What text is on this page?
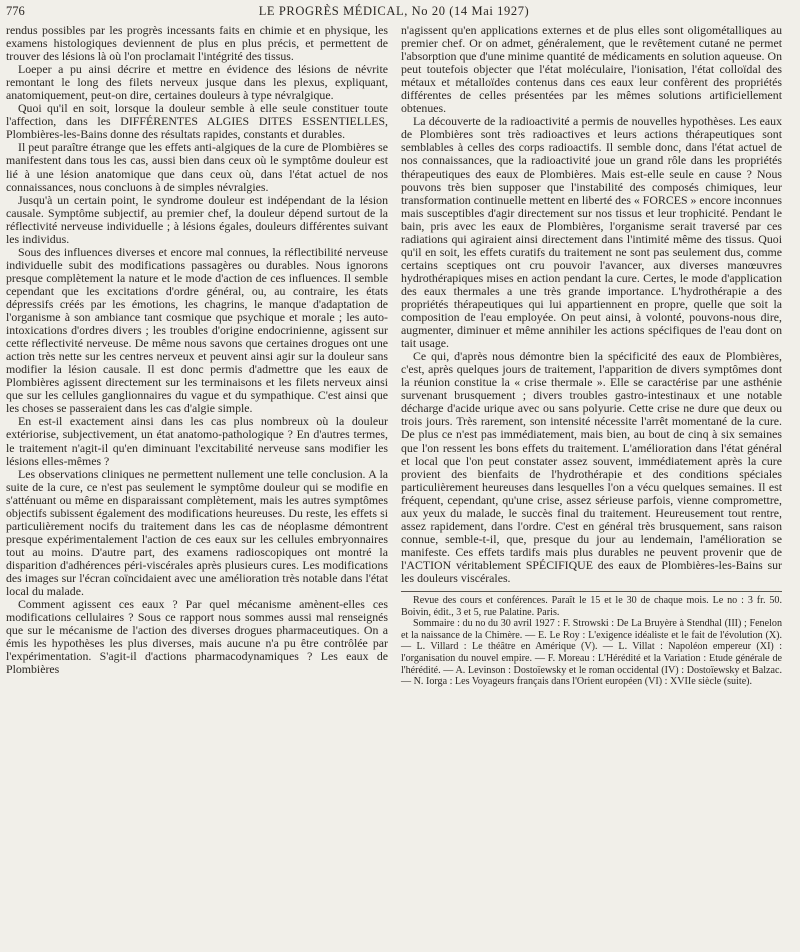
776	LE PROGRÈS MÉDICAL, No 20 (14 Mai 1927)

rendus possibles par les progrès incessants faits en chimie et en physique, les examens histologiques deviennent de plus en plus précis, et permettent de trouver des lésions là où l'on proclamait l'intégrité des tissus.

Loeper a pu ainsi décrire et mettre en évidence des lésions de névrite remontant le long des filets nerveux jusque dans les plexus, expliquant, anatomiquement, peut-on dire, certaines douleurs à type névralgique.

Quoi qu'il en soit, lorsque la douleur semble à elle seule constituer toute l'affection, dans les DIFFÉRENTES ALGIES DITES ESSENTIELLES, Plombières-les-Bains donne des résultats rapides, constants et durables.

Il peut paraître étrange que les effets anti-algiques de la cure de Plombières se manifestent dans tous les cas, aussi bien dans ceux où le symptôme douleur est lié à une lésion anatomique que dans ceux où, dans l'état actuel de nos connaissances, nous concluons à de simples névralgies.

Jusqu'à un certain point, le syndrome douleur est indépendant de la lésion causale. Symptôme subjectif, au premier chef, la douleur dépend surtout de la réflectivité nerveuse individuelle ; à lésions égales, douleurs différentes suivant les individus.

Sous des influences diverses et encore mal connues, la réflectibilité nerveuse individuelle subit des modifications passagères ou durables. Nous ignorons presque complètement la nature et le mode d'action de ces influences. Il semble cependant que les excitations d'ordre général, ou, au contraire, les états dépressifs créés par les émotions, les chagrins, le manque d'adaptation de l'organisme à son ambiance tant cosmique que psychique et morale ; les auto-intoxications d'ordres divers ; les troubles d'origine endocrinienne, agissent sur cette réflectivité nerveuse. De même nous savons que certaines drogues ont une action très nette sur les centres nerveux et peuvent ainsi agir sur la douleur sans modifier la lésion causale. Il est donc permis d'admettre que les eaux de Plombières agissent directement sur les terminaisons et les filets nerveux ainsi que sur les cellules ganglionnaires du vague et du sympathique. C'est ainsi que les choses se passeraient dans les cas d'algie simple.

En est-il exactement ainsi dans les cas plus nombreux où la douleur extériorise, subjectivement, un état anatomo-pathologique ? En d'autres termes, le traitement n'agit-il qu'en diminuant l'excitabilité nerveuse sans modifier les lésions elles-mêmes ?

Les observations cliniques ne permettent nullement une telle conclusion. A la suite de la cure, ce n'est pas seulement le symptôme douleur qui se modifie en s'atténuant ou même en disparaissant complètement, mais les autres symptômes objectifs subissent également des modifications heureuses. Du reste, les effets si particulièrement nocifs du traitement dans les cas de néoplasme démontrent presque expérimentalement l'action de ces eaux sur les cellules embryonnaires tout au moins. D'autre part, des examens radioscopiques ont montré la disparition d'adhérences péri-viscérales après plusieurs cures. Les modifications des images sur l'écran coïncidaient avec une amélioration très notable dans l'état local du malade.

Comment agissent ces eaux ? Par quel mécanisme amènent-elles ces modifications cellulaires ? Sous ce rapport nous sommes aussi mal renseignés que sur le mécanisme de l'action des diverses drogues pharmaceutiques. On a émis les hypothèses les plus diverses, mais aucune n'a pu être contrôlée par l'expérimentation. S'agit-il d'actions pharmacodynamiques ? Les eaux de Plombières

n'agissent qu'en applications externes et de plus elles sont oligométalliques au premier chef. Or on admet, généralement, que le revêtement cutané ne permet l'absorption que d'une minime quantité de médicaments en solution aqueuse. On peut toutefois objecter que l'état moléculaire, l'ionisation, l'état colloïdal des métaux et métalloïdes contenus dans ces eaux leur confèrent des propriétés différentes de celles présentées par les mêmes solutions artificiellement obtenues.

La découverte de la radioactivité a permis de nouvelles hypothèses. Les eaux de Plombières sont très radioactives et leurs actions thérapeutiques sont semblables à celles des corps radioactifs. Il semble donc, dans l'état actuel de nos connaissances, que la radioactivité joue un grand rôle dans les propriétés thérapeutiques des eaux de Plombières. Mais est-elle seule en cause ? Nous pouvons très bien supposer que l'instabilité des composés chimiques, leur transformation continuelle mettent en liberté des « FORCES » encore inconnues mais susceptibles d'agir directement sur nos tissus et leur trophicité. Pendant le bain, pris avec les eaux de Plombières, l'organisme serait traversé par ces radiations qui agiraient ainsi directement dans l'intimité même des tissus. Quoi qu'il en soit, les effets curatifs du traitement ne sont pas seulement dus, comme certains sceptiques ont cru pouvoir l'avancer, aux diverses manœuvres hydrothérapiques mises en action pendant la cure. Certes, le mode d'application des eaux thermales a une très grande importance. L'hydrothérapie a des propriétés thérapeutiques qui lui appartiennent en propre, quelle que soit la composition de l'eau employée. On peut ainsi, à volonté, pouvons-nous dire, augmenter, diminuer et même annihiler les actions spécifiques de l'eau dont on tait usage.

Ce qui, d'après nous démontre bien la spécificité des eaux de Plombières, c'est, après quelques jours de traitement, l'apparition de divers symptômes dont la réunion constitue la « crise thermale ». Elle se caractérise par une asthénie survenant brusquement ; divers troubles gastro-intestinaux et une notable décharge d'acide urique avec ou sans polyurie. Cette crise ne dure que deux ou trois jours. Très rarement, son intensité nécessite l'arrêt momentané de la cure. De plus ce n'est pas immédiatement, mais bien, au bout de cinq à six semaines que l'on ressent les bons effets du traitement. L'amélioration dans l'état général et local que l'on peut constater assez souvent, immédiatement après la cure provient des bienfaits de l'hydrothérapie et des conditions spéciales particulièrement heureuses dans lesquelles l'on a vécu quelques semaines. Il est fréquent, cependant, qu'une crise, assez sérieuse parfois, vienne compromettre, aux yeux du malade, le succès final du traitement. Heureusement tout rentre, assez rapidement, dans l'ordre. C'est en général très brusquement, sans raison connue, semble-t-il, que, presque du jour au lendemain, l'amélioration se manifeste. Ces effets tardifs mais plus durables ne peuvent provenir que de l'ACTION véritablement SPÉCIFIQUE des eaux de Plombières-les-Bains sur les douleurs viscérales.

Revue des cours et conférences. Paraît le 15 et le 30 de chaque mois. Le no : 3 fr. 50. Boivin, édit., 3 et 5, rue Palatine. Paris.

Sommaire : du no du 30 avril 1927 : F. Strowski : De La Bruyère à Stendhal (III) ; Fenelon et la naissance de la Chimère. — E. Le Roy : L'exigence idéaliste et le fait de l'évolution (X). — L. Villard : Le théâtre en Amérique (V). — L. Villat : Napoléon empereur (XI) : l'organisation du nouvel empire. — F. Moreau : L'Hérédité et la Variation : Etude générale de l'hérédité. — A. Levinson : Dostoïewsky et le roman occidental (IV) : Dostoïewsky et Balzac. — N. Iorga : Les Voyageurs français dans l'Orient européen (VI) : XVIIe siècle (suite).
